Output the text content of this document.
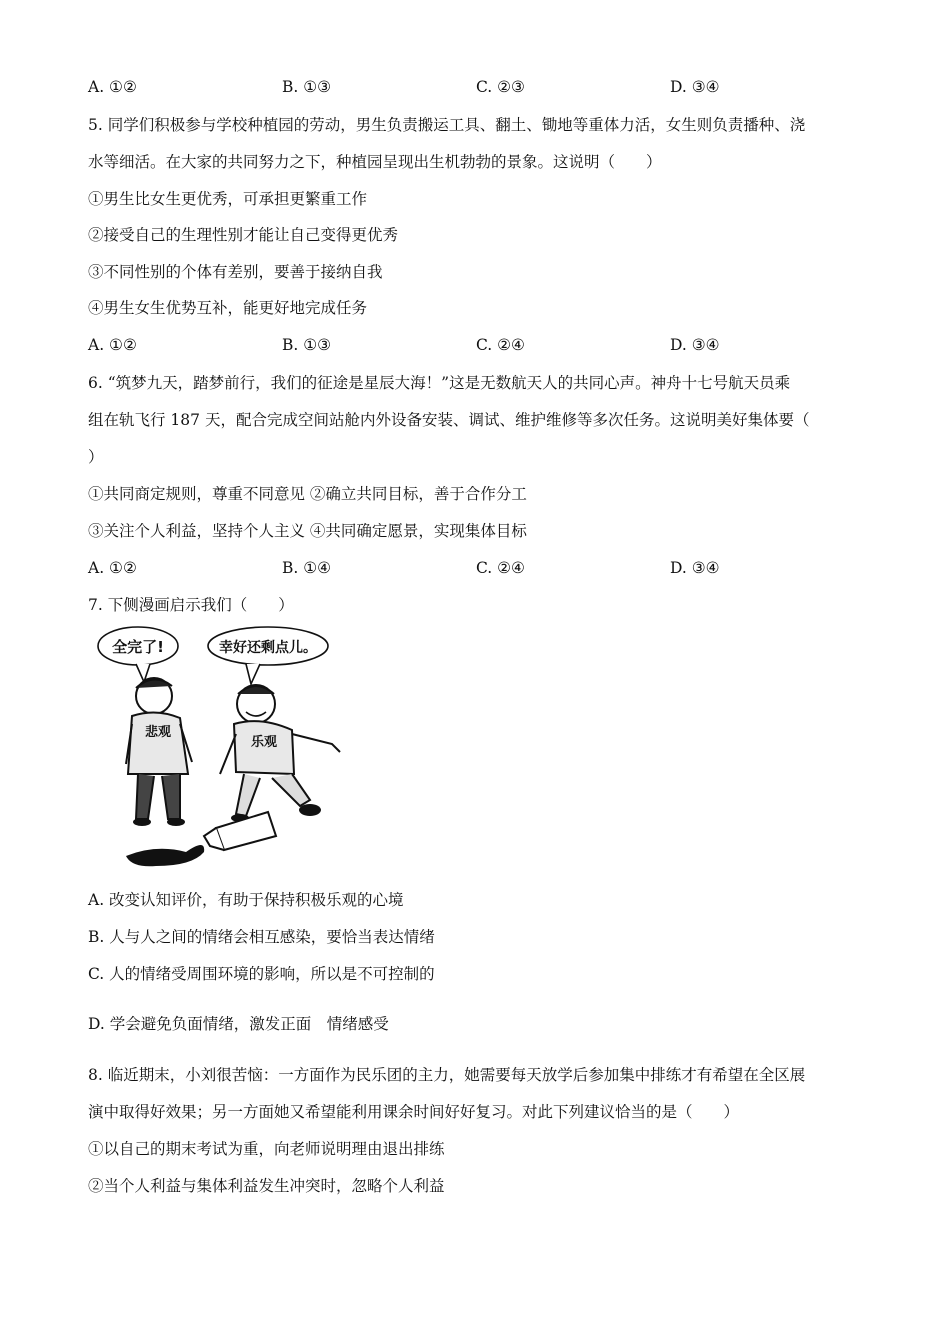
A. ①②	B. ①③	C. ②③	D. ③④
5. 同学们积极参与学校种植园的劳动，男生负责搬运工具、翻土、锄地等重体力活，女生则负责播种、浇
水等细活。在大家的共同努力之下，种植园呈现出生机勃勃的景象。这说明（　　）
①男生比女生更优秀，可承担更繁重工作
②接受自己的生理性别才能让自己变得更优秀
③不同性别的个体有差别，要善于接纳自我
④男生女生优势互补，能更好地完成任务
A. ①②	B. ①③	C. ②④	D. ③④
6. “筑梦九天，踏梦前行，我们的征途是星辰大海！”这是无数航天人的共同心声。神舟十七号航天员乘
组在轨飞行 187 天，配合完成空间站舱内外设备安装、调试、维护维修等多次任务。这说明美好集体要（
）
①共同商定规则，尊重不同意见 ②确立共同目标，善于合作分工
③关注个人利益，坚持个人主义 ④共同确定愿景，实现集体目标
A. ①②	B. ①④	C. ②④	D. ③④
7. 下侧漫画启示我们（　　）
全完了!	幸好还剩点儿。
悲观
乐观
A. 改变认知评价，有助于保持积极乐观的心境
B. 人与人之间的情绪会相互感染，要恰当表达情绪
C. 人的情绪受周围环境的影响，所以是不可控制的
D. 学会避免负面情绪，激发正面　情绪感受
8. 临近期末，小刘很苦恼：一方面作为民乐团的主力，她需要每天放学后参加集中排练才有希望在全区展
演中取得好效果；另一方面她又希望能利用课余时间好好复习。对此下列建议恰当的是（　　）
①以自己的期末考试为重，向老师说明理由退出排练
②当个人利益与集体利益发生冲突时，忽略个人利益
